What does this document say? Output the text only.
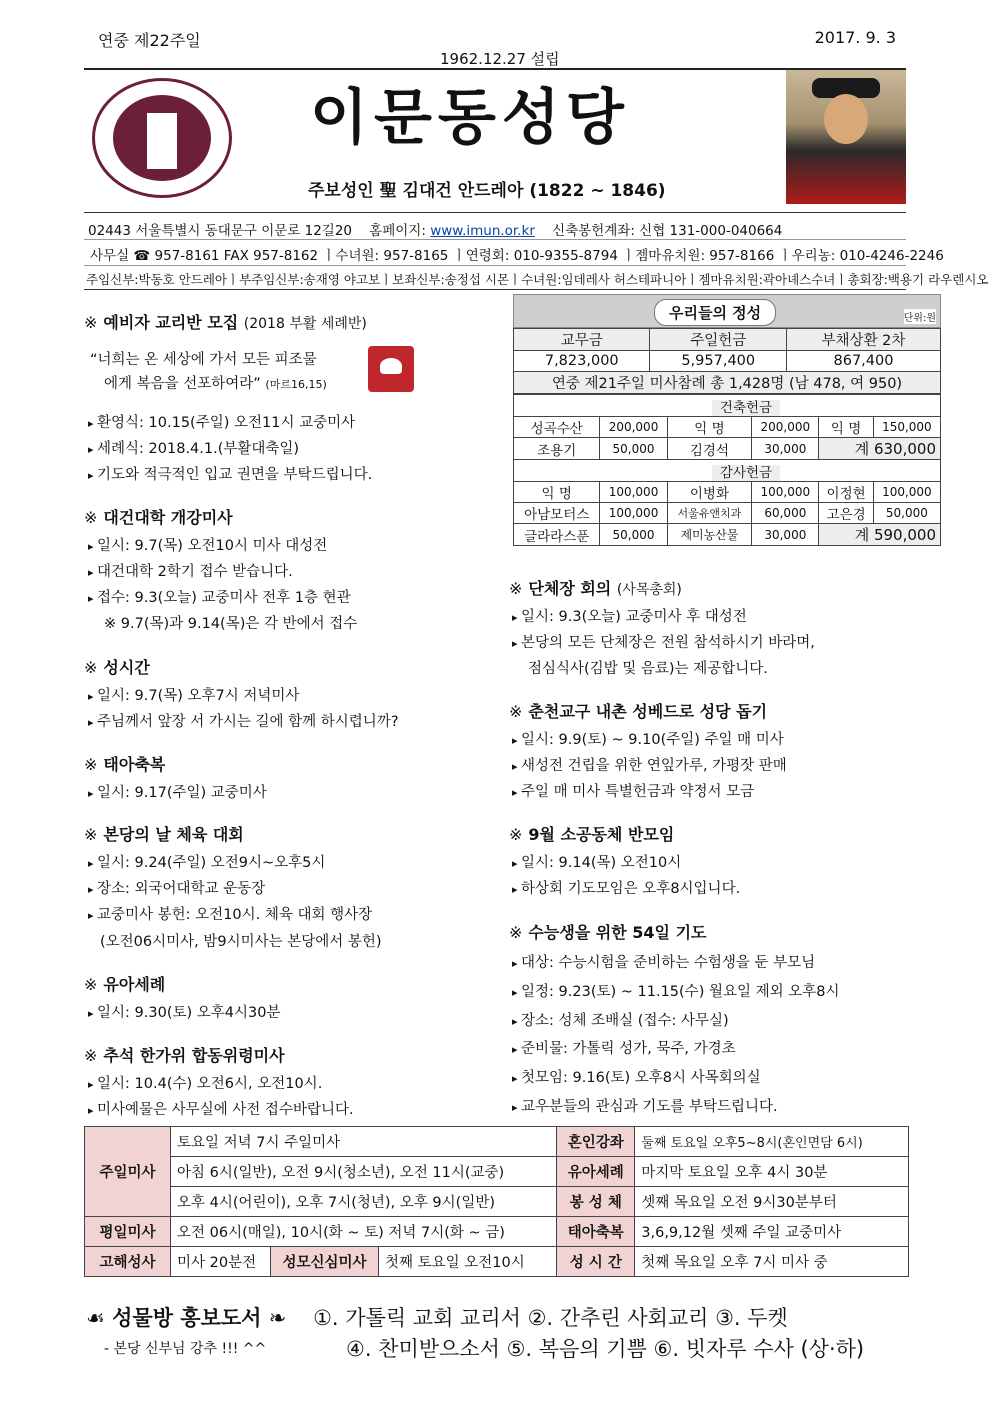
연중 제22주일	2017. 9. 3
1962.12.27 설립
이문동성당
주보성인 聖 김대건 안드레아 (1822 ~ 1846)
02443 서울특별시 동대문구 이문로 12길20 홈페이지: www.imun.or.kr 신축봉헌계좌: 신협 131-000-040664
사무실 ☎ 957-8161 FAX 957-8162 ㅣ수녀원: 957-8165 ㅣ연령회: 010-9355-8794 ㅣ젬마유치원: 957-8166 ㅣ우리농: 010-4246-2246
주임신부:박동호 안드레아ㅣ부주임신부:송재영 야고보ㅣ보좌신부:송정섭 시몬ㅣ수녀원:임데레사 허스테파니아ㅣ젬마유치원:곽아녜스수녀ㅣ총회장:백용기 라우렌시오
※ 예비자 교리반 모집 (2018 부활 세례반)
“너희는 온 세상에 가서 모든 피조물
에게 복음을 선포하여라” (마르16,15)
▸ 환영식: 10.15(주일) 오전11시 교중미사
▸ 세례식: 2018.4.1.(부활대축일)
▸ 기도와 적극적인 입교 권면을 부탁드립니다.
※ 대건대학 개강미사
▸ 일시: 9.7(목) 오전10시 미사 대성전
▸ 대건대학 2학기 접수 받습니다.
▸ 접수: 9.3(오늘) 교중미사 전후 1층 현관
※ 9.7(목)과 9.14(목)은 각 반에서 접수
※ 성시간
▸ 일시: 9.7(목) 오후7시 저녁미사
▸ 주님께서 앞장 서 가시는 길에 함께 하시렵니까?
※ 태아축복
▸ 일시: 9.17(주일) 교중미사
※ 본당의 날 체육 대회
▸ 일시: 9.24(주일) 오전9시~오후5시
▸ 장소: 외국어대학교 운동장
▸ 교중미사 봉헌: 오전10시. 체육 대회 행사장
(오전06시미사, 밤9시미사는 본당에서 봉헌)
※ 유아세례
▸ 일시: 9.30(토) 오후4시30분
※ 추석 한가위 합동위령미사
▸ 일시: 10.4(수) 오전6시, 오전10시.
▸ 미사예물은 사무실에 사전 접수바랍니다.
우리들의 정성	단위:원
교무금	주일헌금	부채상환 2차
7,823,000	5,957,400	867,400
연중 제21주일 미사참례 총 1,428명 (남 478, 여 950)		
건축헌금					
성곡수산	200,000	익 명	200,000	익 명	150,000
조용기	50,000	김경석	30,000	계 630,000	
감사헌금					
익 명	100,000	이병화	100,000	이정현	100,000
아남모터스	100,000	서울유앤치과	60,000	고은경	50,000
글라라스푼	50,000	제미농산물	30,000	계 590,000	
※ 단체장 회의 (사목총회)
▸ 일시: 9.3(오늘) 교중미사 후 대성전
▸ 본당의 모든 단체장은 전원 참석하시기 바라며,
점심식사(김밥 및 음료)는 제공합니다.
※ 춘천교구 내촌 성베드로 성당 돕기
▸ 일시: 9.9(토) ~ 9.10(주일) 주일 매 미사
▸ 새성전 건립을 위한 연잎가루, 가평잣 판매
▸ 주일 매 미사 특별헌금과 약정서 모금
※ 9월 소공동체 반모임
▸ 일시: 9.14(목) 오전10시
▸ 하상회 기도모임은 오후8시입니다.
※ 수능생을 위한 54일 기도
▸ 대상: 수능시험을 준비하는 수험생을 둔 부모님
▸ 일정: 9.23(토) ~ 11.15(수) 월요일 제외 오후8시
▸ 장소: 성체 조배실 (접수: 사무실)
▸ 준비물: 가톨릭 성가, 묵주, 가경초
▸ 첫모임: 9.16(토) 오후8시 사목회의실
▸ 교우분들의 관심과 기도를 부탁드립니다.
주일미사	토요일 저녁 7시 주일미사			혼인강좌	둘째 토요일 오후5~8시(혼인면담 6시)
	아침 6시(일반), 오전 9시(청소년), 오전 11시(교중)			유아세례	마지막 토요일 오후 4시 30분
	오후 4시(어린이), 오후 7시(청년), 오후 9시(일반)			봉 성 체	셋째 목요일 오전 9시30분부터
평일미사	오전 06시(매일), 10시(화 ~ 토) 저녁 7시(화 ~ 금)			태아축복	3,6,9,12월 셋째 주일 교중미사
고해성사	미사 20분전	성모신심미사	첫째 토요일 오전10시	성 시 간	첫째 목요일 오후 7시 미사 중
☙ 성물방 홍보도서 ❧ ①. 가톨릭 교회 교리서 ②. 간추린 사회교리 ③. 두켓
- 본당 신부님 강추 !!! ^^	④. 찬미받으소서 ⑤. 복음의 기쁨 ⑥. 빗자루 수사 (상·하)
